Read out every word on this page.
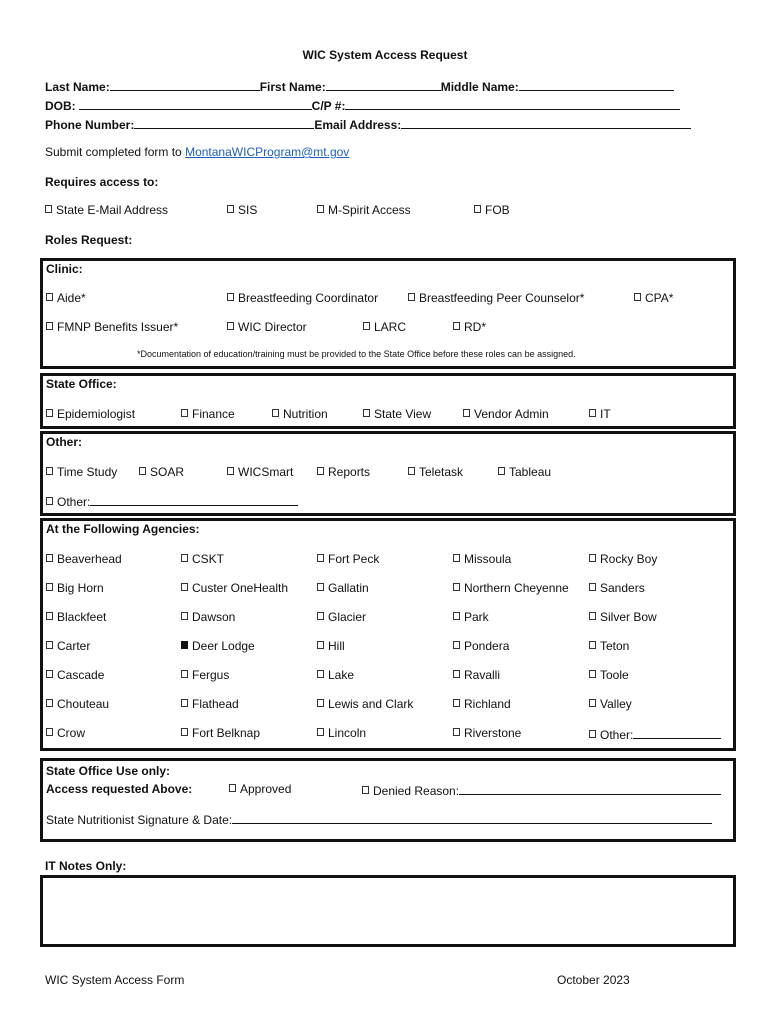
WIC System Access Request
Last Name:	First Name:	Middle Name:
DOB:	C/P #:
Phone Number:	Email Address:
Submit completed form to MontanaWICProgram@mt.gov
Requires access to:
Roles Request:
Clinic:
*Documentation of education/training must be provided to the State Office before these roles can be assigned.
Aide*	Breastfeeding Coordinator	Breastfeeding Peer Counselor*	CPA*
FMNP Benefits Issuer*	WIC Director	LARC	RD*
State Office:
Epidemiologist	Finance	Nutrition	State View	Vendor Admin	IT
Other:
Other:
Time Study	SOAR	WICSmart	Reports	Teletask	Tableau
At the Following Agencies:
Beaverhead	CSKT	Fort Peck	Missoula	Rocky Boy
Big Horn	Custer OneHealth	Gallatin	Northern Cheyenne	Sanders
Blackfeet	Dawson	Glacier	Park	Silver Bow
Carter	Deer Lodge	Hill	Pondera	Teton
Cascade	Fergus	Lake	Ravalli	Toole
Chouteau	Flathead	Lewis and Clark	Richland	Valley
Crow	Fort Belknap	Lincoln	Riverstone	Other:
State Office Use only:
Access requested Above:	Approved	Denied Reason:
State Nutritionist Signature & Date:
IT Notes Only:
WIC System Access Form	October 2023
State E-Mail Address	SIS	M-Spirit Access	FOB
